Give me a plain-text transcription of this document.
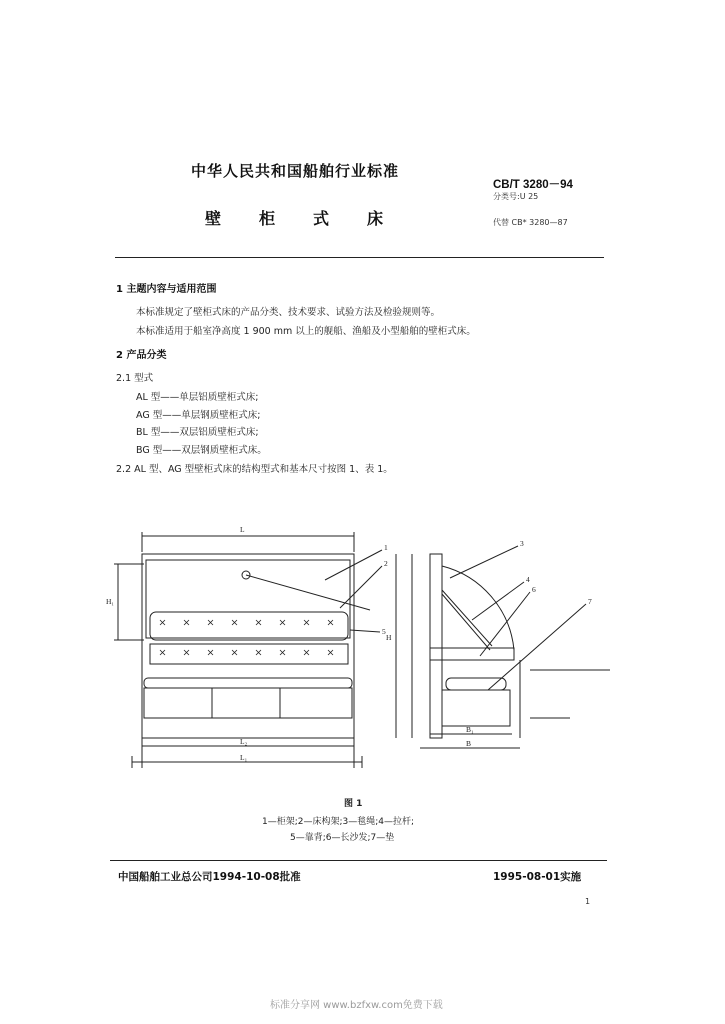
中华人民共和国船舶行业标准
CB/T 3280－94
分类号:U 25
壁 柜 式 床	代替 CB* 3280—87
1 主题内容与适用范围
本标准规定了壁柜式床的产品分类、技术要求、试验方法及检验规则等。
本标准适用于船室净高度 1 900 mm 以上的舰船、渔船及小型船舶的壁柜式床。
2 产品分类
2.1 型式
AL 型——单层铝质壁柜式床;
AG 型——单层钢质壁柜式床;
BL 型——双层铝质壁柜式床;
BG 型——双层钢质壁柜式床。
2.2 AL 型、AG 型壁柜式床的结构型式和基本尺寸按图 1、表 1。
L
L₂
L₁
H₁
H
B₁
B
1
2
5
3
4
6
7
图 1
1—柜架;2—床构架;3—毯绳;4—拉杆;
5—靠背;6—长沙发;7—垫
中国船舶工业总公司1994-10-08批准	1995-08-01实施
1
标准分享网 www.bzfxw.com免费下载
